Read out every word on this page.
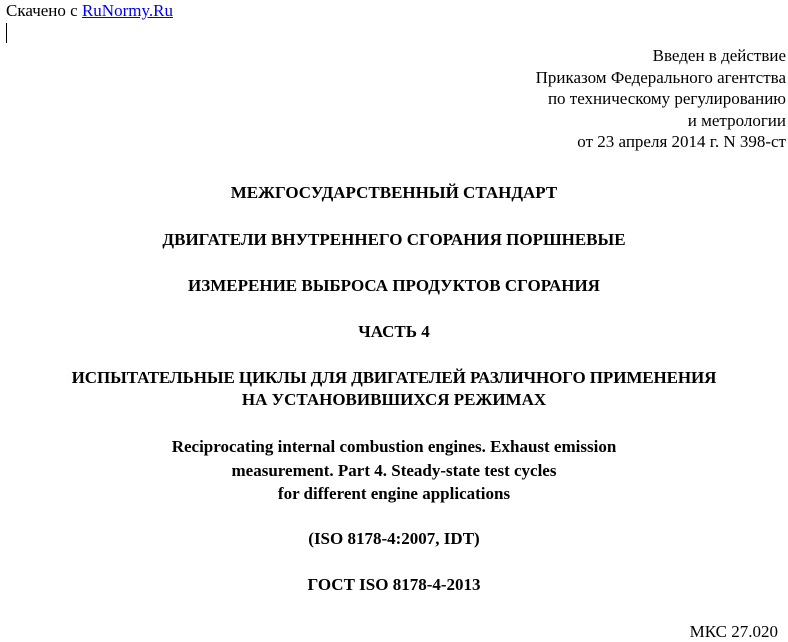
Скачено с RuNormy.Ru
Введен в действие
Приказом Федерального агентства
по техническому регулированию
и метрологии
от 23 апреля 2014 г. N 398-ст
МЕЖГОСУДАРСТВЕННЫЙ СТАНДАРТ
ДВИГАТЕЛИ ВНУТРЕННЕГО СГОРАНИЯ ПОРШНЕВЫЕ
ИЗМЕРЕНИЕ ВЫБРОСА ПРОДУКТОВ СГОРАНИЯ
ЧАСТЬ 4
ИСПЫТАТЕЛЬНЫЕ ЦИКЛЫ ДЛЯ ДВИГАТЕЛЕЙ РАЗЛИЧНОГО ПРИМЕНЕНИЯ
НА УСТАНОВИВШИХСЯ РЕЖИМАХ
Reciprocating internal combustion engines. Exhaust emission
measurement. Part 4. Steady-state test cycles
for different engine applications
(ISO 8178-4:2007, IDT)
ГОСТ ISO 8178-4-2013
МКС 27.020
